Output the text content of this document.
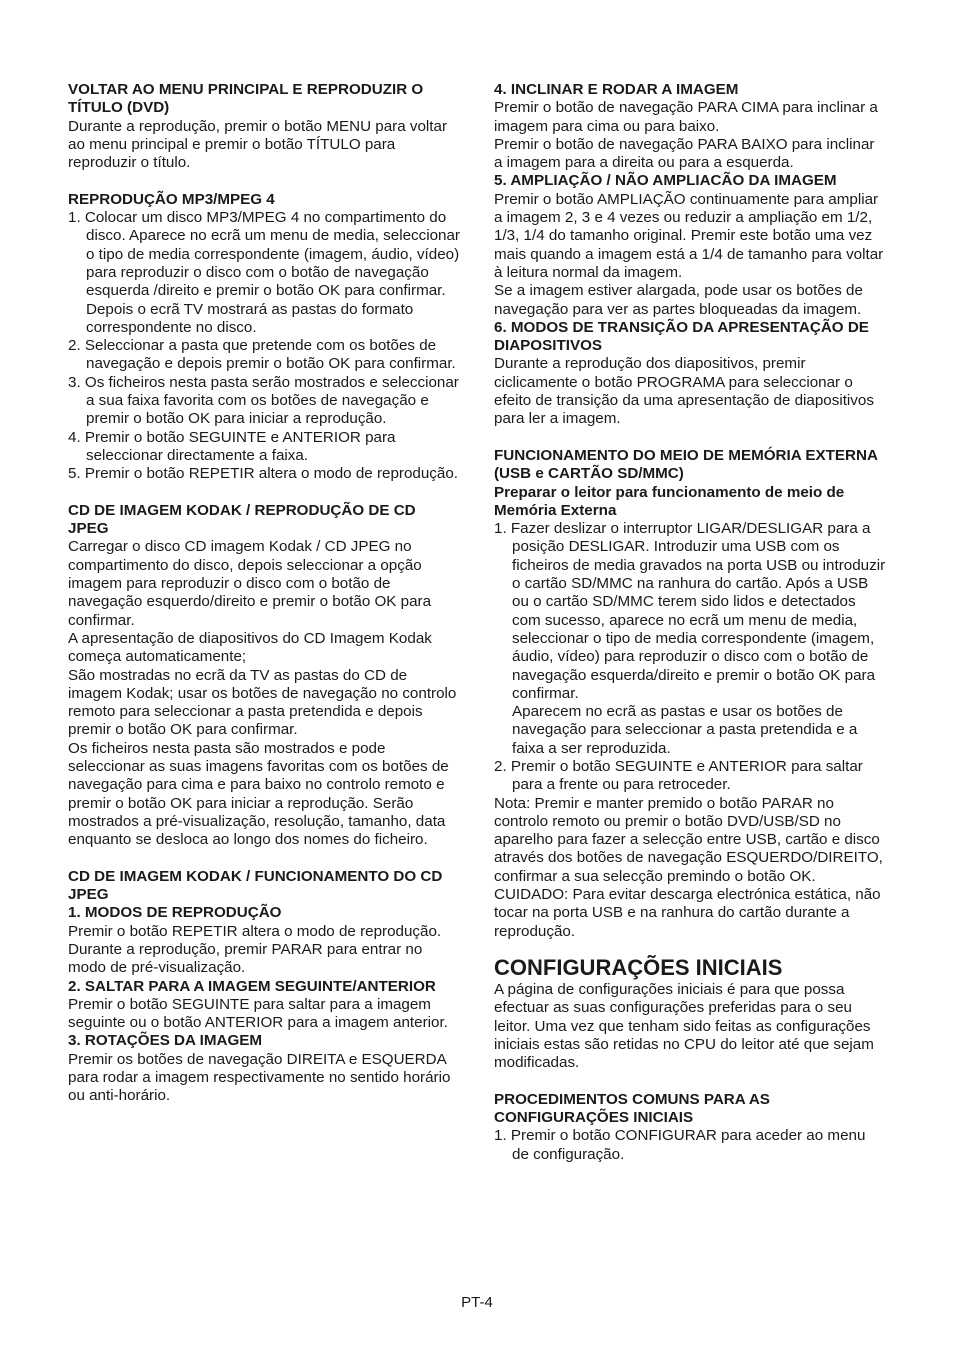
VOLTAR AO MENU PRINCIPAL E REPRODUZIR O TÍTULO (DVD)
Durante a reprodução, premir o botão MENU para voltar ao menu principal e premir o botão TÍTULO para reproduzir o título.
REPRODUÇÃO MP3/MPEG 4
1. Colocar um disco MP3/MPEG 4 no compartimento do disco. Aparece no ecrã um menu de media, seleccionar o tipo de media correspondente (imagem, áudio, vídeo) para reproduzir o disco com o botão de navegação esquerda /direito e premir o botão OK para confirmar. Depois o ecrã TV mostrará as pastas do formato correspondente no disco.
2. Seleccionar a pasta que pretende com os botões de navegação e depois premir o botão OK para confirmar.
3. Os ficheiros nesta pasta serão mostrados e seleccionar a sua faixa favorita com os botões de navegação e premir o botão OK para iniciar a reprodução.
4. Premir o botão SEGUINTE e ANTERIOR para seleccionar directamente a faixa.
5. Premir o botão REPETIR altera o modo de reprodução.
CD DE IMAGEM KODAK / REPRODUÇÃO DE CD JPEG
Carregar o disco CD imagem Kodak / CD JPEG no compartimento do disco, depois seleccionar a opção imagem para reproduzir o disco com o botão de navegação esquerdo/direito e premir o botão OK para confirmar.
A apresentação de diapositivos do CD Imagem Kodak começa automaticamente;
São mostradas no ecrã da TV as pastas do CD de imagem Kodak; usar os botões de navegação no controlo remoto para seleccionar a pasta pretendida e depois premir o botão OK para confirmar.
Os ficheiros nesta pasta são mostrados e pode seleccionar as suas imagens favoritas com os botões de navegação para cima e para baixo no controlo remoto e premir o botão OK para iniciar a reprodução. Serão mostrados a pré-visualização, resolução, tamanho, data enquanto se desloca ao longo dos nomes do ficheiro.
CD DE IMAGEM KODAK / FUNCIONAMENTO DO CD JPEG
1. MODOS DE REPRODUÇÃO
Premir o botão REPETIR altera o modo de reprodução.
Durante a reprodução, premir PARAR para entrar no modo de pré-visualização.
2. SALTAR PARA A IMAGEM SEGUINTE/ANTERIOR
Premir o botão SEGUINTE para saltar para a imagem seguinte ou o botão ANTERIOR para a imagem anterior.
3. ROTAÇÕES DA IMAGEM
Premir os botões de navegação DIREITA e ESQUERDA para rodar a imagem respectivamente no sentido horário ou anti-horário.
4. INCLINAR E RODAR A IMAGEM
Premir o botão de navegação PARA CIMA para inclinar a imagem para cima ou para baixo.
Premir o botão de navegação PARA BAIXO para inclinar a imagem para a direita ou para a esquerda.
5. AMPLIAÇÃO / NÃO AMPLIACÃO DA IMAGEM
Premir o botão AMPLIAÇÃO continuamente para ampliar a imagem 2, 3 e 4 vezes ou reduzir a ampliação em 1/2, 1/3, 1/4 do tamanho original. Premir este botão uma vez mais quando a imagem está a 1/4 de tamanho para voltar à leitura normal da imagem.
Se a imagem estiver alargada, pode usar os botões de navegação para ver as partes bloqueadas da imagem.
6. MODOS DE TRANSIÇÃO DA APRESENTAÇÃO DE DIAPOSITIVOS
Durante a reprodução dos diapositivos, premir ciclicamente o botão PROGRAMA para seleccionar o efeito de transição da uma apresentação de diapositivos para ler a imagem.
FUNCIONAMENTO DO MEIO DE MEMÓRIA EXTERNA (USB e CARTÃO SD/MMC)
Preparar o leitor para funcionamento de meio de Memória Externa
1. Fazer deslizar o interruptor LIGAR/DESLIGAR para a posição DESLIGAR. Introduzir uma USB com os ficheiros de media gravados na porta USB ou introduzir o cartão SD/MMC na ranhura do cartão. Após a USB ou o cartão SD/MMC terem sido lidos e detectados com sucesso, aparece no ecrã um menu de media, seleccionar o tipo de media correspondente (imagem, áudio, vídeo) para reproduzir o disco com o botão de navegação esquerda/direito e premir o botão OK para confirmar.
Aparecem no ecrã as pastas e usar os botões de navegação para seleccionar a pasta pretendida e a faixa a ser reproduzida.
2. Premir o botão SEGUINTE e ANTERIOR para saltar para a frente ou para retroceder.
Nota: Premir e manter premido o botão PARAR no controlo remoto ou premir o botão DVD/USB/SD no aparelho para fazer a selecção entre USB, cartão e disco através dos botões de navegação ESQUERDO/DIREITO, confirmar a sua selecção premindo o botão OK.
CUIDADO: Para evitar descarga electrónica estática, não tocar na porta USB e na ranhura do cartão durante a reprodução.
CONFIGURAÇÕES INICIAIS
A página de configurações iniciais é para que possa efectuar as suas configurações preferidas para o seu leitor. Uma vez que tenham sido feitas as configurações iniciais estas são retidas no CPU do leitor até que sejam modificadas.
PROCEDIMENTOS COMUNS PARA AS CONFIGURAÇÕES INICIAIS
1. Premir o botão CONFIGURAR para aceder ao menu de configuração.
PT-4
